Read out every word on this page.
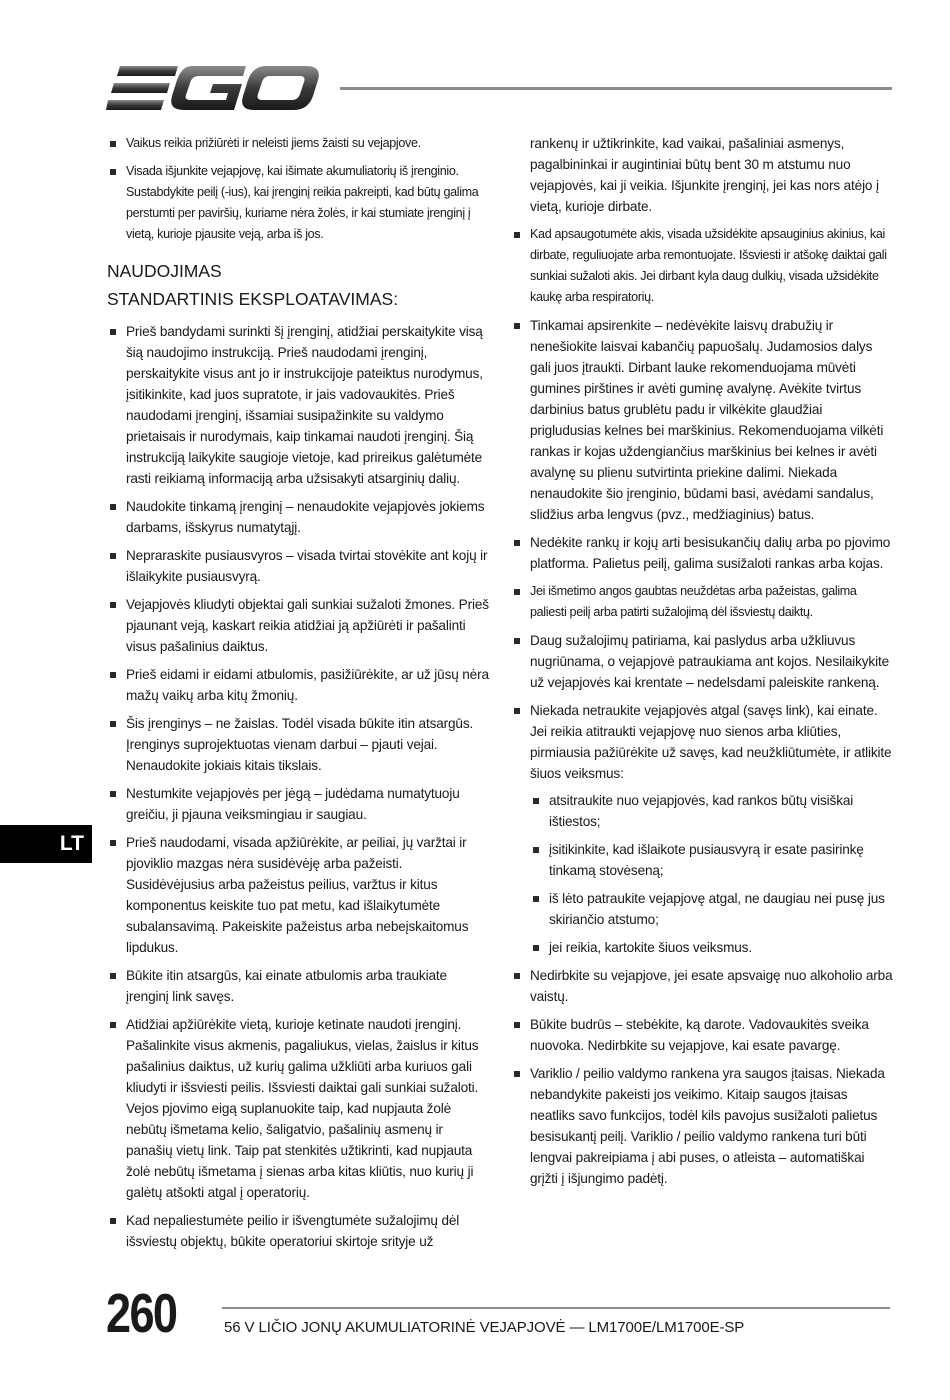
Vaikus reikia prižiūrėti ir neleisti jiems žaisti su vejapjove.
Visada išjunkite vejapjovę, kai išimate akumuliatorių iš įrenginio. Sustabdykite peilį (-ius), kai įrenginį reikia pakreipti, kad būtų galima perstumti per paviršių, kuriame nėra žolės, ir kai stumiate įrenginį į vietą, kurioje pjausite veją, arba iš jos.
NAUDOJIMAS
STANDARTINIS EKSPLOATAVIMAS:
Prieš bandydami surinkti šį įrenginį, atidžiai perskaitykite visą šią naudojimo instrukciją. Prieš naudodami įrenginį, perskaitykite visus ant jo ir instrukcijoje pateiktus nurodymus, įsitikinkite, kad juos supratote, ir jais vadovaukitės. Prieš naudodami įrenginį, išsamiai susipažinkite su valdymo prietaisais ir nurodymais, kaip tinkamai naudoti įrenginį. Šią instrukciją laikykite saugioje vietoje, kad prireikus galėtumėte rasti reikiamą informaciją arba užsisakyti atsarginių dalių.
Naudokite tinkamą įrenginį – nenaudokite vejapjovės jokiems darbams, išskyrus numatytąjį.
Nepraraskite pusiausvyros – visada tvirtai stovėkite ant kojų ir išlaikykite pusiausvyrą.
Vejapjovės kliudyti objektai gali sunkiai sužaloti žmones. Prieš pjaunant veją, kaskart reikia atidžiai ją apžiūrėti ir pašalinti visus pašalinius daiktus.
Prieš eidami ir eidami atbulomis, pasižiūrėkite, ar už jūsų nėra mažų vaikų arba kitų žmonių.
Šis įrenginys – ne žaislas. Todėl visada būkite itin atsargūs. Įrenginys suprojektuotas vienam darbui – pjauti vejai. Nenaudokite jokiais kitais tikslais.
Nestumkite vejapjovės per jėgą – judėdama numatytuoju greičiu, ji pjauna veiksmingiau ir saugiau.
Prieš naudodami, visada apžiūrėkite, ar peiliai, jų varžtai ir pjoviklio mazgas nėra susidėvėję arba pažeisti. Susidėvėjusius arba pažeistus peilius, varžtus ir kitus komponentus keiskite tuo pat metu, kad išlaikytumėte subalansavimą. Pakeiskite pažeistus arba nebeįskaitomus lipdukus.
Būkite itin atsargūs, kai einate atbulomis arba traukiate įrenginį link savęs.
Atidžiai apžiūrėkite vietą, kurioje ketinate naudoti įrenginį. Pašalinkite visus akmenis, pagaliukus, vielas, žaislus ir kitus pašalinius daiktus, už kurių galima užkliūti arba kuriuos gali kliudyti ir išsviesti peilis. Išsviesti daiktai gali sunkiai sužaloti. Vejos pjovimo eigą suplanuokite taip, kad nupjauta žolė nebūtų išmetama kelio, šaligatvio, pašalinių asmenų ir panašių vietų link. Taip pat stenkitės užtikrinti, kad nupjauta žolė nebūtų išmetama į sienas arba kitas kliūtis, nuo kurių ji galėtų atšokti atgal į operatorių.
Kad nepaliestumėte peilio ir išvengtumėte sužalojimų dėl išsviestų objektų, būkite operatoriui skirtoje srityje už
rankenų ir užtikrinkite, kad vaikai, pašaliniai asmenys, pagalbininkai ir augintiniai būtų bent 30 m atstumu nuo vejapjovės, kai ji veikia. Išjunkite įrenginį, jei kas nors atėjo į vietą, kurioje dirbate.
Kad apsaugotumėte akis, visada užsidėkite apsauginius akinius, kai dirbate, reguliuojate arba remontuojate. Išsviesti ir atšokę daiktai gali sunkiai sužaloti akis. Jei dirbant kyla daug dulkių, visada užsidėkite kaukę arba respiratorių.
Tinkamai apsirenkite – nedėvėkite laisvų drabužių ir nenešiokite laisvai kabančių papuošalų. Judamosios dalys gali juos įtraukti. Dirbant lauke rekomenduojama mūvėti gumines pirštines ir avėti guminę avalynę. Avėkite tvirtus darbinius batus grublėtu padu ir vilkėkite glaudžiai prigludusias kelnes bei marškinius. Rekomenduojama vilkėti rankas ir kojas uždengiančius marškinius bei kelnes ir avėti avalynę su plienu sutvirtinta priekine dalimi. Niekada nenaudokite šio įrenginio, būdami basi, avėdami sandalus, slidžius arba lengvus (pvz., medžiaginius) batus.
Nedėkite rankų ir kojų arti besisukančių dalių arba po pjovimo platforma. Palietus peilį, galima susižaloti rankas arba kojas.
Jei išmetimo angos gaubtas neuždėtas arba pažeistas, galima paliesti peilį arba patirti sužalojimą dėl išsviestų daiktų.
Daug sužalojimų patiriama, kai paslydus arba užkliuvus nugriūnama, o vejapjovė patraukiama ant kojos. Nesilaikykite už vejapjovės kai krentate – nedelsdami paleiskite rankeną.
Niekada netraukite vejapjovės atgal (savęs link), kai einate. Jei reikia atitraukti vejapjovę nuo sienos arba kliūties, pirmiausia pažiūrėkite už savęs, kad neužkliūtumėte, ir atlikite šiuos veiksmus:
atsitraukite nuo vejapjovės, kad rankos būtų visiškai ištiestos;
įsitikinkite, kad išlaikote pusiausvyrą ir esate pasirinkę tinkamą stovėseną;
iš lėto patraukite vejapjovę atgal, ne daugiau nei pusę jus skiriančio atstumo;
jei reikia, kartokite šiuos veiksmus.
Nedirbkite su vejapjove, jei esate apsvaigę nuo alkoholio arba vaistų.
Būkite budrūs – stebėkite, ką darote. Vadovaukitės sveika nuovoka. Nedirbkite su vejapjove, kai esate pavargę.
Variklio / peilio valdymo rankena yra saugos įtaisas. Niekada nebandykite pakeisti jos veikimo. Kitaip saugos įtaisas neatliks savo funkcijos, todėl kils pavojus susižaloti palietus besisukantį peilį. Variklio / peilio valdymo rankena turi būti lengvai pakreipiama į abi puses, o atleista – automatiškai grįžti į išjungimo padėtį.
LT
260	56 V LIČIO JONŲ AKUMULIATORINĖ VEJAPJOVĖ — LM1700E/LM1700E-SP
